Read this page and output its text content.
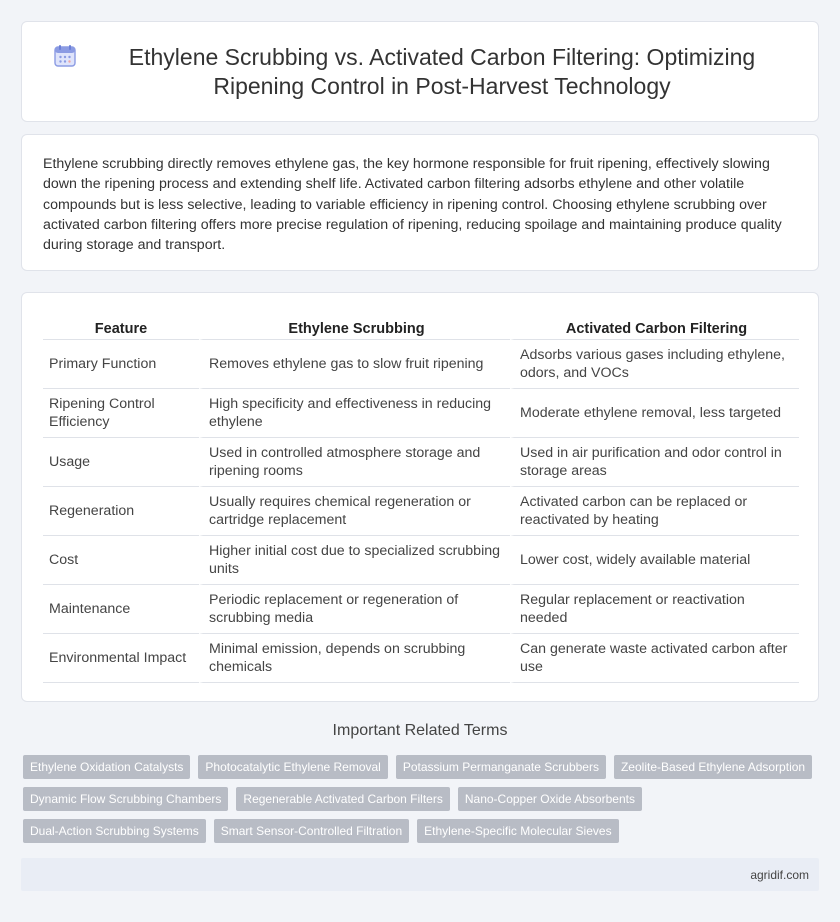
Ethylene Scrubbing vs. Activated Carbon Filtering: Optimizing Ripening Control in Post-Harvest Technology

Ethylene scrubbing directly removes ethylene gas, the key hormone responsible for fruit ripening, effectively slowing down the ripening process and extending shelf life. Activated carbon filtering adsorbs ethylene and other volatile compounds but is less selective, leading to variable efficiency in ripening control. Choosing ethylene scrubbing over activated carbon filtering offers more precise regulation of ripening, reducing spoilage and maintaining produce quality during storage and transport.

Feature	Ethylene Scrubbing	Activated Carbon Filtering
Primary Function	Removes ethylene gas to slow fruit ripening	Adsorbs various gases including ethylene, odors, and VOCs
Ripening Control Efficiency	High specificity and effectiveness in reducing ethylene	Moderate ethylene removal, less targeted
Usage	Used in controlled atmosphere storage and ripening rooms	Used in air purification and odor control in storage areas
Regeneration	Usually requires chemical regeneration or cartridge replacement	Activated carbon can be replaced or reactivated by heating
Cost	Higher initial cost due to specialized scrubbing units	Lower cost, widely available material
Maintenance	Periodic replacement or regeneration of scrubbing media	Regular replacement or reactivation needed
Environmental Impact	Minimal emission, depends on scrubbing chemicals	Can generate waste activated carbon after use
Important Related Terms
Ethylene Oxidation Catalysts	Photocatalytic Ethylene Removal	Potassium Permanganate Scrubbers	Zeolite-Based Ethylene Adsorption
Dynamic Flow Scrubbing Chambers	Regenerable Activated Carbon Filters	Nano-Copper Oxide Absorbents
Dual-Action Scrubbing Systems	Smart Sensor-Controlled Filtration	Ethylene-Specific Molecular Sieves
agridif.com
